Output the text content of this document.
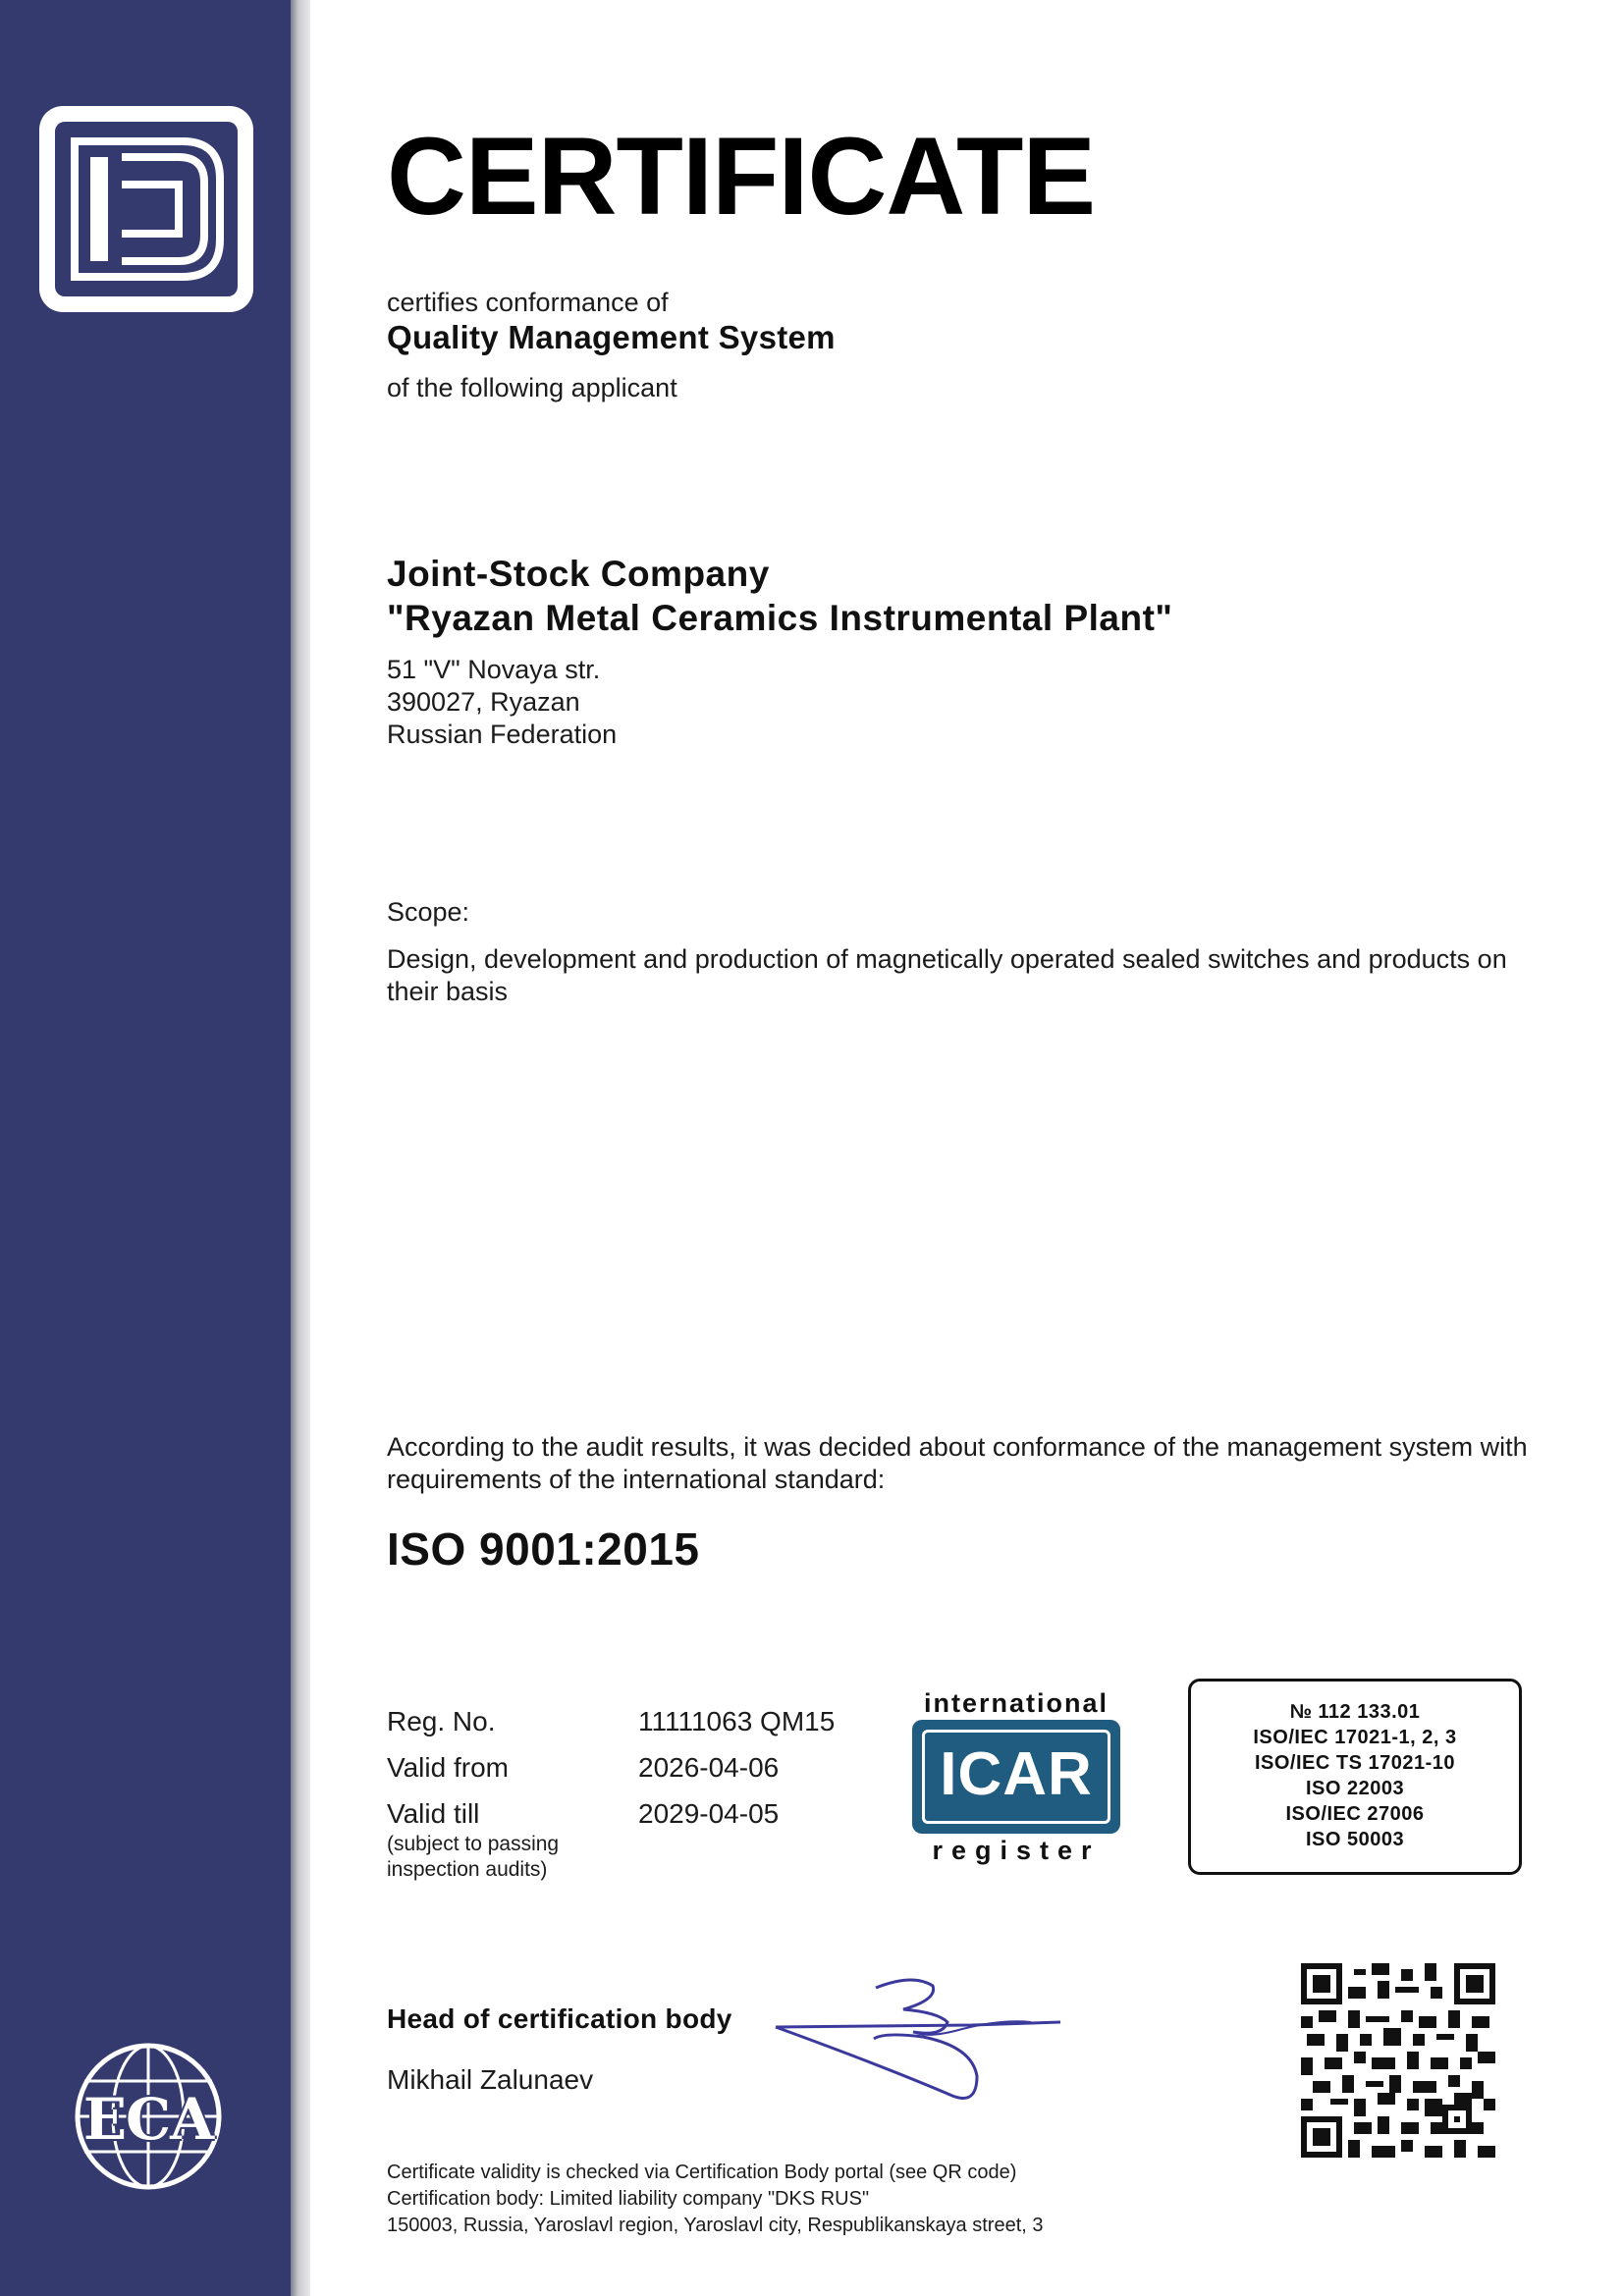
ECA
CERTIFICATE
certifies conformance of
Quality Management System
of the following applicant
Joint-Stock Company
"Ryazan Metal Ceramics Instrumental Plant"
51 "V" Novaya str.
390027, Ryazan
Russian Federation
Scope:
Design, development and production of magnetically operated sealed switches and products on their basis
According to the audit results, it was decided about conformance of the management system with requirements of the international standard:
ISO 9001:2015
Reg. No.	11111063 QM15
Valid from	2026-04-06
Valid till	2029-04-05
(subject to passing
inspection audits)
international
ICAR
register
№ 112 133.01
ISO/IEC 17021-1, 2, 3
ISO/IEC TS 17021-10
ISO 22003
ISO/IEC 27006
ISO 50003
Head of certification body
Mikhail Zalunaev
Certificate validity is checked via Certification Body portal (see QR code)
Certification body: Limited liability company "DKS RUS"
150003, Russia, Yaroslavl region, Yaroslavl city, Respublikanskaya street, 3
